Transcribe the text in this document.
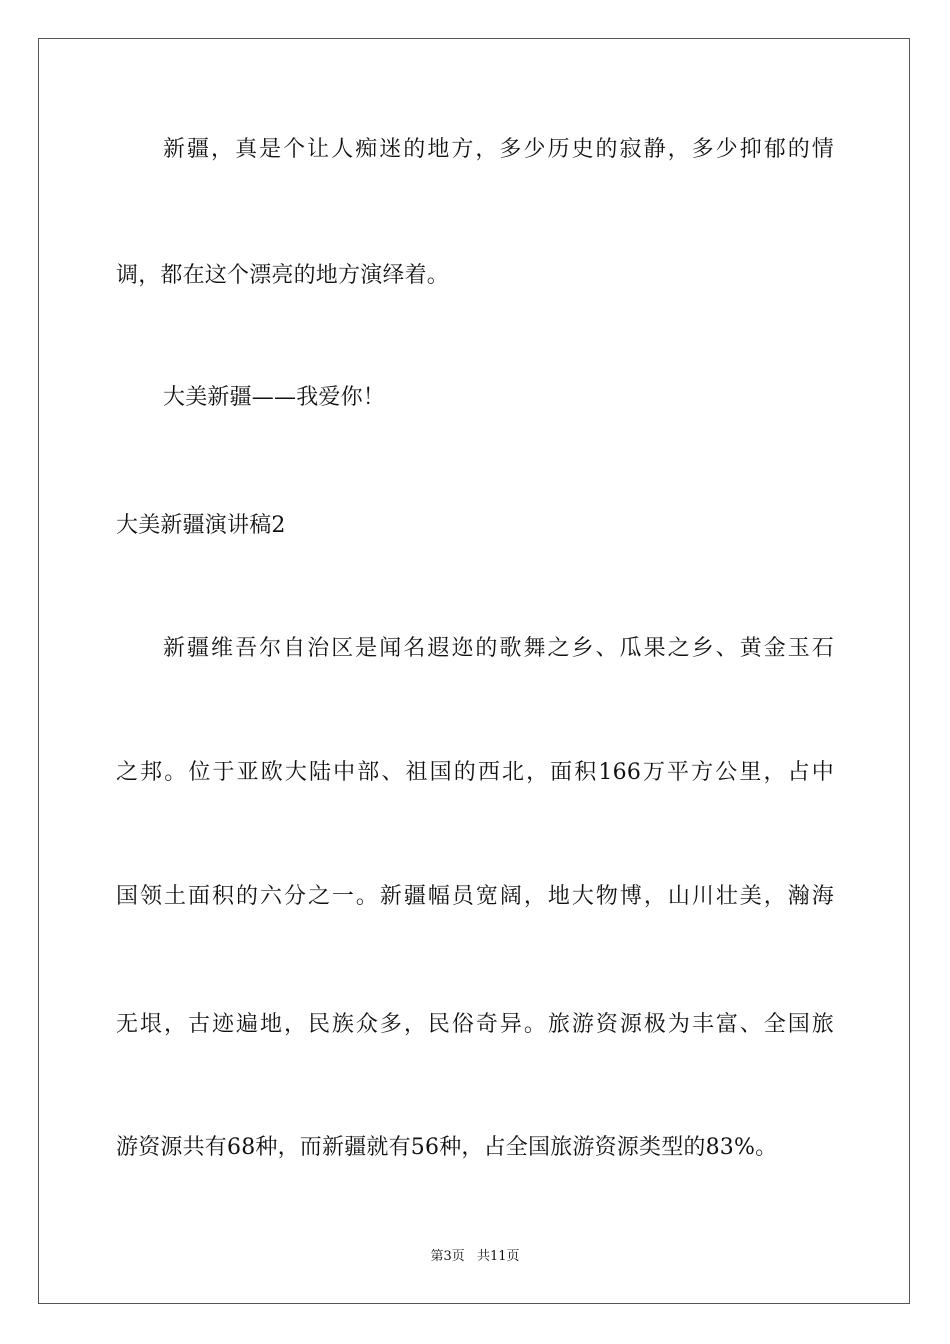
新疆，真是个让人痴迷的地方，多少历史的寂静，多少抑郁的情
调，都在这个漂亮的地方演绎着。
大美新疆——我爱你！
大美新疆演讲稿2
新疆维吾尔自治区是闻名遐迩的歌舞之乡、瓜果之乡、黄金玉石
之邦。位于亚欧大陆中部、祖国的西北，面积166万平方公里，占中
国领土面积的六分之一。新疆幅员宽阔，地大物博，山川壮美，瀚海
无垠，古迹遍地，民族众多，民俗奇异。旅游资源极为丰富、全国旅
游资源共有68种，而新疆就有56种，占全国旅游资源类型的83%。
第3页 共11页
